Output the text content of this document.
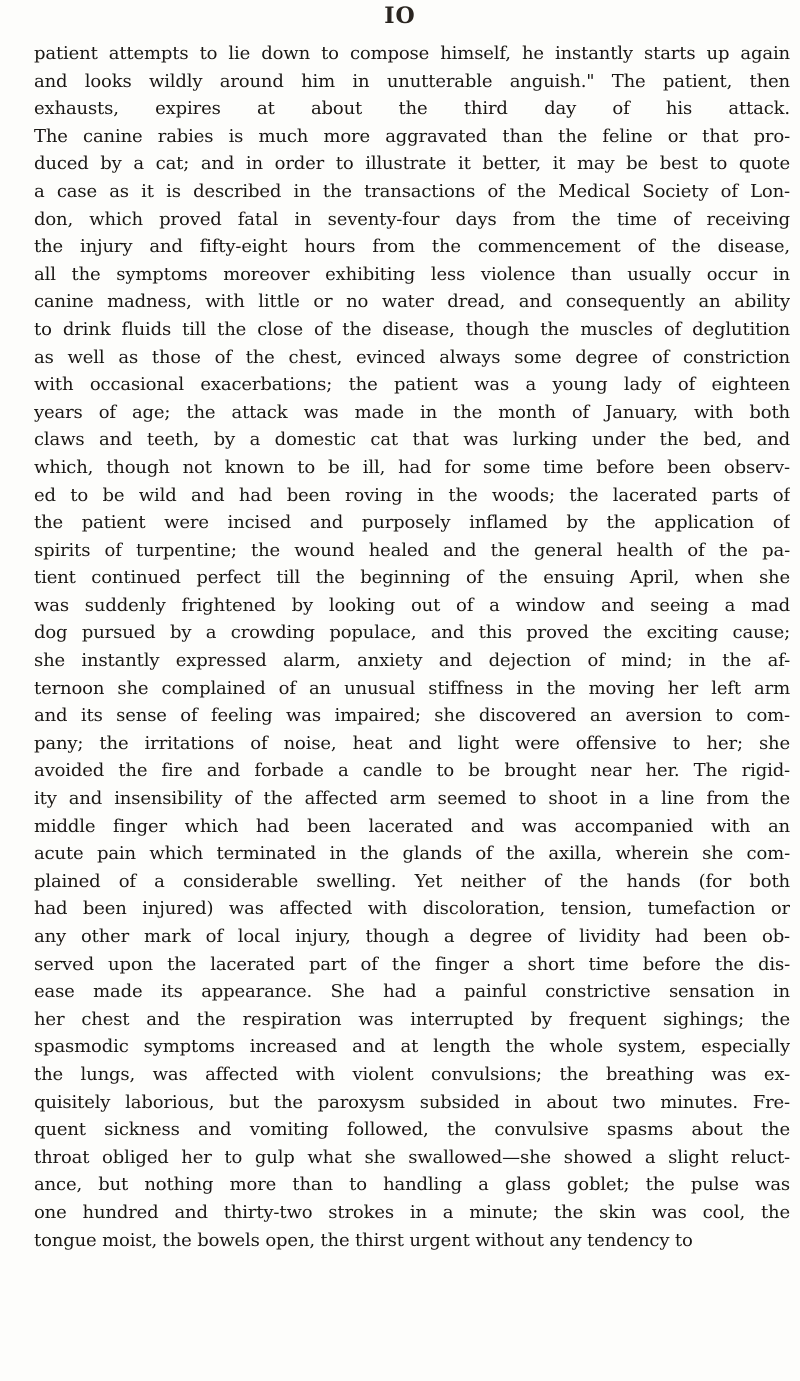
IO
patient attempts to lie down to compose himself, he instantly starts up again
and looks wildly around him in unutterable anguish." The patient, then
exhausts, expires at about the third day of his attack.
The canine rabies is much more aggravated than the feline or that pro-
duced by a cat; and in order to illustrate it better, it may be best to quote
a case as it is described in the transactions of the Medical Society of Lon-
don, which proved fatal in seventy-four days from the time of receiving
the injury and fifty-eight hours from the commencement of the disease,
all the symptoms moreover exhibiting less violence than usually occur in
canine madness, with little or no water dread, and consequently an ability
to drink fluids till the close of the disease, though the muscles of deglutition
as well as those of the chest, evinced always some degree of constriction
with occasional exacerbations; the patient was a young lady of eighteen
years of age; the attack was made in the month of January, with both
claws and teeth, by a domestic cat that was lurking under the bed, and
which, though not known to be ill, had for some time before been observ-
ed to be wild and had been roving in the woods; the lacerated parts of
the patient were incised and purposely inflamed by the application of
spirits of turpentine; the wound healed and the general health of the pa-
tient continued perfect till the beginning of the ensuing April, when she
was suddenly frightened by looking out of a window and seeing a mad
dog pursued by a crowding populace, and this proved the exciting cause;
she instantly expressed alarm, anxiety and dejection of mind; in the af-
ternoon she complained of an unusual stiffness in the moving her left arm
and its sense of feeling was impaired; she discovered an aversion to com-
pany; the irritations of noise, heat and light were offensive to her; she
avoided the fire and forbade a candle to be brought near her. The rigid-
ity and insensibility of the affected arm seemed to shoot in a line from the
middle finger which had been lacerated and was accompanied with an
acute pain which terminated in the glands of the axilla, wherein she com-
plained of a considerable swelling. Yet neither of the hands (for both
had been injured) was affected with discoloration, tension, tumefaction or
any other mark of local injury, though a degree of lividity had been ob-
served upon the lacerated part of the finger a short time before the dis-
ease made its appearance. She had a painful constrictive sensation in
her chest and the respiration was interrupted by frequent sighings; the
spasmodic symptoms increased and at length the whole system, especially
the lungs, was affected with violent convulsions; the breathing was ex-
quisitely laborious, but the paroxysm subsided in about two minutes. Fre-
quent sickness and vomiting followed, the convulsive spasms about the
throat obliged her to gulp what she swallowed—she showed a slight reluct-
ance, but nothing more than to handling a glass goblet; the pulse was
one hundred and thirty-two strokes in a minute; the skin was cool, the
tongue moist, the bowels open, the thirst urgent without any tendency to
